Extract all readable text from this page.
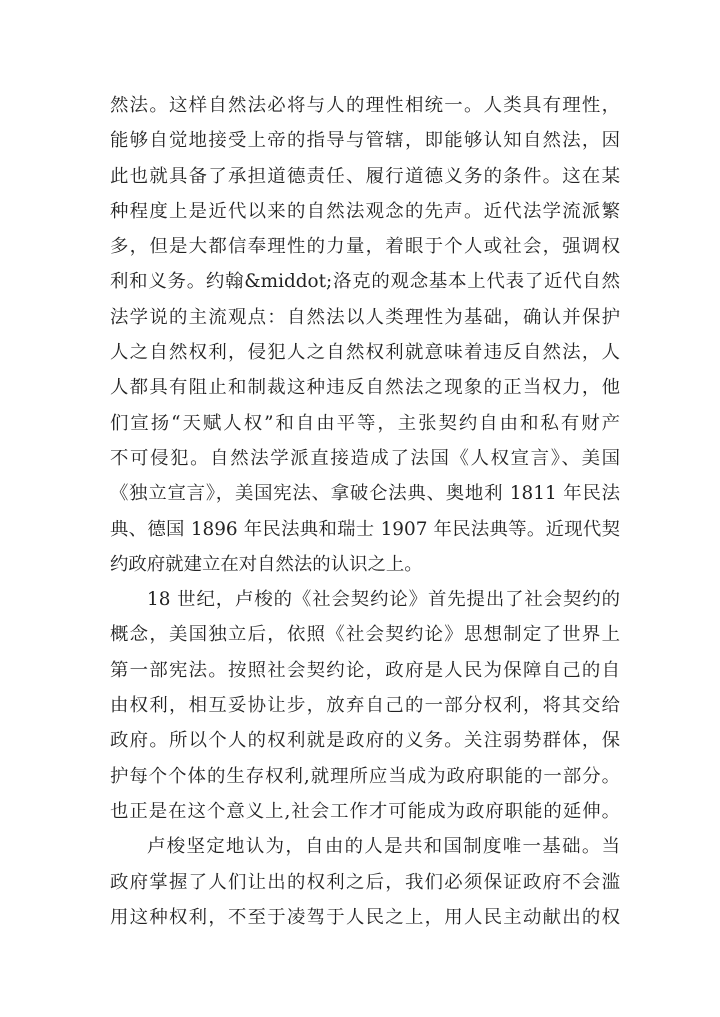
然法。这样自然法必将与人的理性相统一。人类具有理性，
能够自觉地接受上帝的指导与管辖，即能够认知自然法，因
此也就具备了承担道德责任、履行道德义务的条件。这在某
种程度上是近代以来的自然法观念的先声。近代法学流派繁
多，但是大都信奉理性的力量，着眼于个人或社会，强调权
利和义务。约翰&middot;洛克的观念基本上代表了近代自然
法学说的主流观点：自然法以人类理性为基础，确认并保护
人之自然权利，侵犯人之自然权利就意味着违反自然法，人
人都具有阻止和制裁这种违反自然法之现象的正当权力，他
们宣扬“天赋人权”和自由平等，主张契约自由和私有财产
不可侵犯。自然法学派直接造成了法国《人权宣言》、美国
《独立宣言》，美国宪法、拿破仑法典、奥地利 1811 年民法
典、德国 1896 年民法典和瑞士 1907 年民法典等。近现代契
约政府就建立在对自然法的认识之上。
18 世纪，卢梭的《社会契约论》首先提出了社会契约的
概念，美国独立后，依照《社会契约论》思想制定了世界上
第一部宪法。按照社会契约论，政府是人民为保障自己的自
由权利，相互妥协让步，放弃自己的一部分权利，将其交给
政府。所以个人的权利就是政府的义务。关注弱势群体，保
护每个个体的生存权利,就理所应当成为政府职能的一部分。
也正是在这个意义上,社会工作才可能成为政府职能的延伸。
卢梭坚定地认为，自由的人是共和国制度唯一基础。当
政府掌握了人们让出的权利之后，我们必须保证政府不会滥
用这种权利，不至于凌驾于人民之上，用人民主动献出的权
